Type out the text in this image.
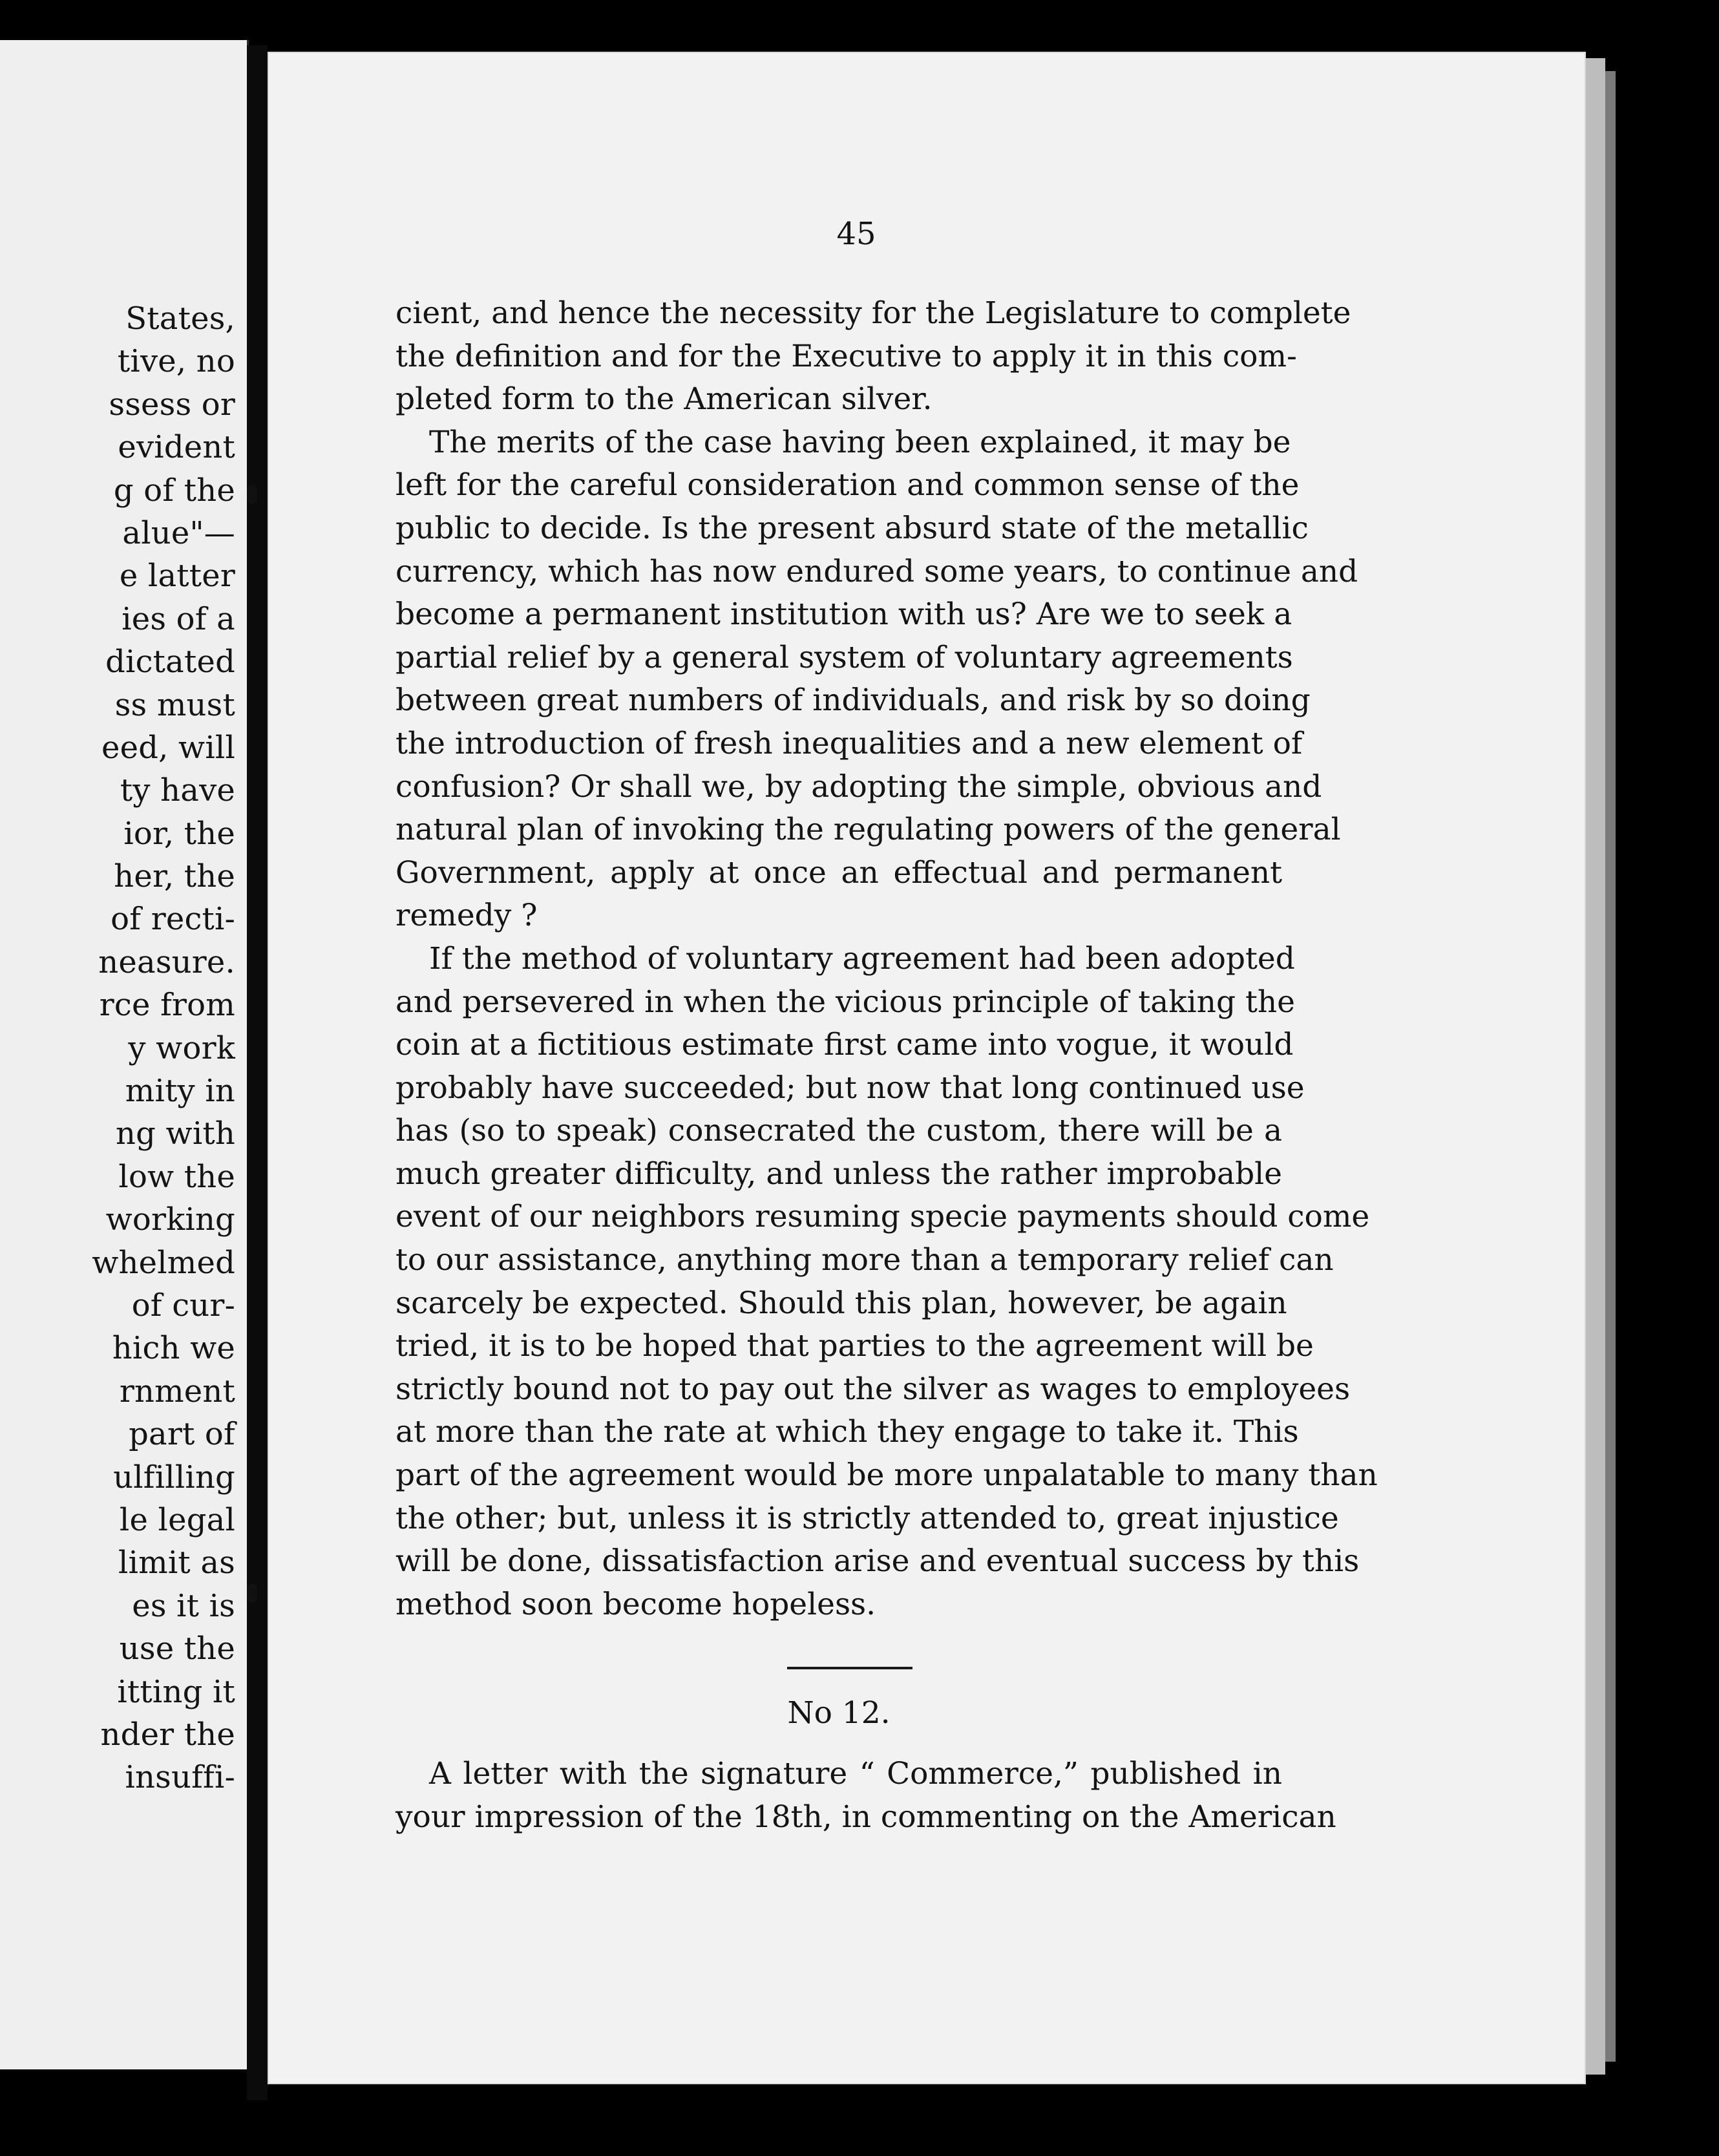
States,
tive, no
ssess or
evident
g of the
alue"—
e latter
ies of a
dictated
ss must
eed, will
ty have
ior, the
her, the
of recti-
neasure.
rce from
y work
mity in
ng with
low the
working
whelmed
of cur-
hich we
rnment
part of
ulfilling
le legal
limit as
es it is
use the
itting it
nder the
insuffi-
45
cient, and hence the necessity for the Legislature to complete
the definition and for the Executive to apply it in this com-
pleted form to the American silver.
The merits of the case having been explained, it may be
left for the careful consideration and common sense of the
public to decide. Is the present absurd state of the metallic
currency, which has now endured some years, to continue and
become a permanent institution with us? Are we to seek a
partial relief by a general system of voluntary agreements
between great numbers of individuals, and risk by so doing
the introduction of fresh inequalities and a new element of
confusion? Or shall we, by adopting the simple, obvious and
natural plan of invoking the regulating powers of the general
Government, apply at once an effectual and permanent
remedy ?
If the method of voluntary agreement had been adopted
and persevered in when the vicious principle of taking the
coin at a fictitious estimate first came into vogue, it would
probably have succeeded; but now that long continued use
has (so to speak) consecrated the custom, there will be a
much greater difficulty, and unless the rather improbable
event of our neighbors resuming specie payments should come
to our assistance, anything more than a temporary relief can
scarcely be expected. Should this plan, however, be again
tried, it is to be hoped that parties to the agreement will be
strictly bound not to pay out the silver as wages to employees
at more than the rate at which they engage to take it. This
part of the agreement would be more unpalatable to many than
the other; but, unless it is strictly attended to, great injustice
will be done, dissatisfaction arise and eventual success by this
method soon become hopeless.
No 12.
A letter with the signature “ Commerce,” published in
your impression of the 18th, in commenting on the American
